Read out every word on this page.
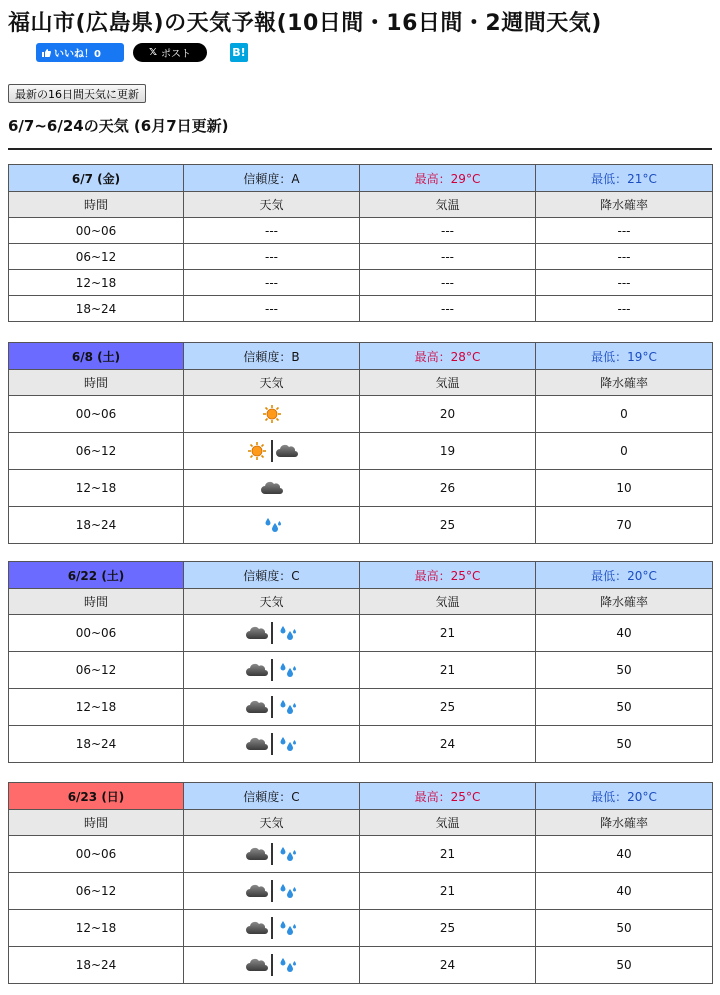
福山市(広島県)の天気予報(10日間・16日間・2週間天気)
いいね！0	𝕏 ポスト	B!
最新の16日間天気に更新
6/7~6/24の天気 (6月7日更新)
6/7 (金)	信頼度：A	最高：29°C	最低：21°C
時間	天気	気温	降水確率
00~06	---	---	---
06~12	---	---	---
12~18	---	---	---
18~24	---	---	---
6/8 (土)	信頼度：B	最高：28°C	最低：19°C
時間	天気	気温	降水確率
00~06		20	0
06~12		19	0
12~18		26	10
18~24		25	70
6/22 (土)	信頼度：C	最高：25°C	最低：20°C
時間	天気	気温	降水確率
00~06		21	40
06~12		21	50
12~18		25	50
18~24		24	50
6/23 (日)	信頼度：C	最高：25°C	最低：20°C
時間	天気	気温	降水確率
00~06		21	40
06~12		21	40
12~18		25	50
18~24		24	50
